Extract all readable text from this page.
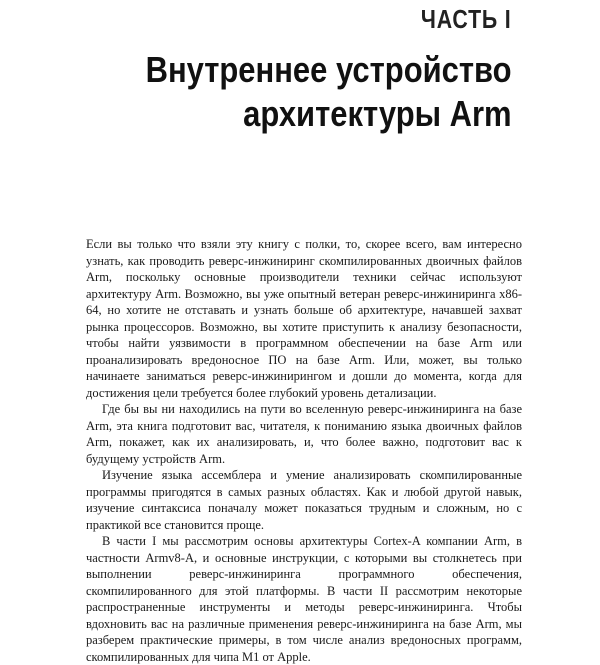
ЧАСТЬ I
Внутреннее устройство
архитектуры Arm

Если вы только что взяли эту книгу с полки, то, скорее всего, вам интересно узнать, как проводить реверс-инжиниринг скомпилированных двоичных файлов Arm, поскольку основные производители техники сейчас используют архитектуру Arm. Возможно, вы уже опытный ветеран реверс-инжиниринга x86-64, но хотите не отставать и узнать больше об архитектуре, начавшей захват рынка процессоров. Возможно, вы хотите приступить к анализу безопасности, чтобы найти уязвимости в программном обеспечении на базе Arm или проанализировать вредоносное ПО на базе Arm. Или, может, вы только начинаете заниматься реверс-инжинирингом и дошли до момента, когда для достижения цели требуется более глубокий уровень детализации.

Где бы вы ни находились на пути во вселенную реверс-инжиниринга на базе Arm, эта книга подготовит вас, читателя, к пониманию языка двоичных файлов Arm, покажет, как их анализировать, и, что более важно, подготовит вас к будущему устройств Arm.

Изучение языка ассемблера и умение анализировать скомпилированные программы пригодятся в самых разных областях. Как и любой другой навык, изучение синтаксиса поначалу может показаться трудным и сложным, но с практикой все становится проще.

В части I мы рассмотрим основы архитектуры Cortex-A компании Arm, в частности Armv8-A, и основные инструкции, с которыми вы столкнетесь при выполнении реверс-инжиниринга программного обеспечения, скомпилированного для этой платформы. В части II рассмотрим некоторые распространенные инструменты и методы реверс-инжиниринга. Чтобы вдохновить вас на различные применения реверс-инжиниринга на базе Arm, мы разберем практические примеры, в том числе анализ вредоносных программ, скомпилированных для чипа M1 от Apple.
